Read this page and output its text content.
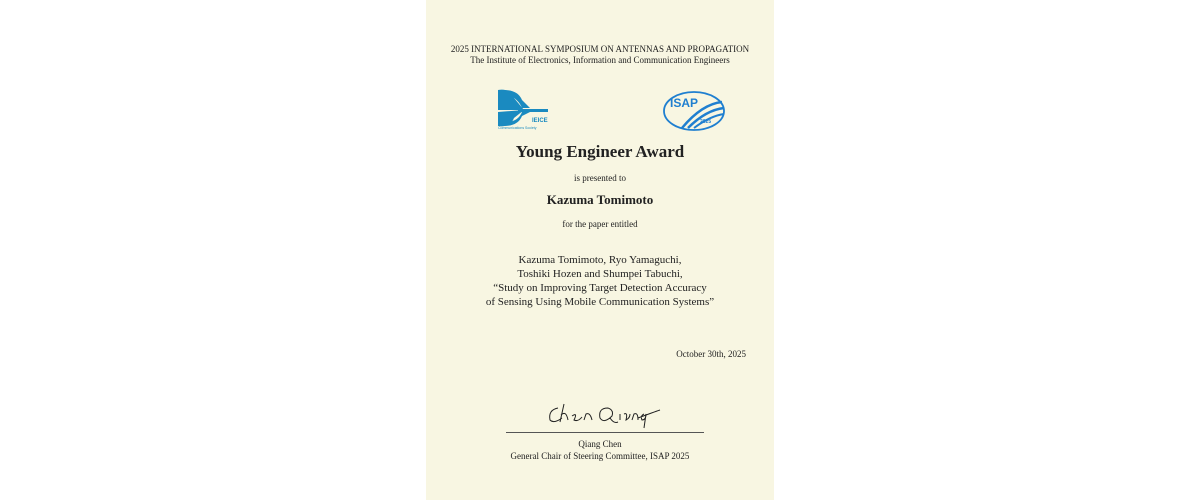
2025 INTERNATIONAL SYMPOSIUM ON ANTENNAS AND PROPAGATION
The Institute of Electronics, Information and Communication Engineers
IEICE
Communications Society
ISAP
2025
Young Engineer Award
is presented to
Kazuma Tomimoto
for the paper entitled
Kazuma Tomimoto, Ryo Yamaguchi,
Toshiki Hozen and Shumpei Tabuchi,
“Study on Improving Target Detection Accuracy
of Sensing Using Mobile Communication Systems”
October 30th, 2025
Qiang Chen
General Chair of Steering Committee, ISAP 2025
